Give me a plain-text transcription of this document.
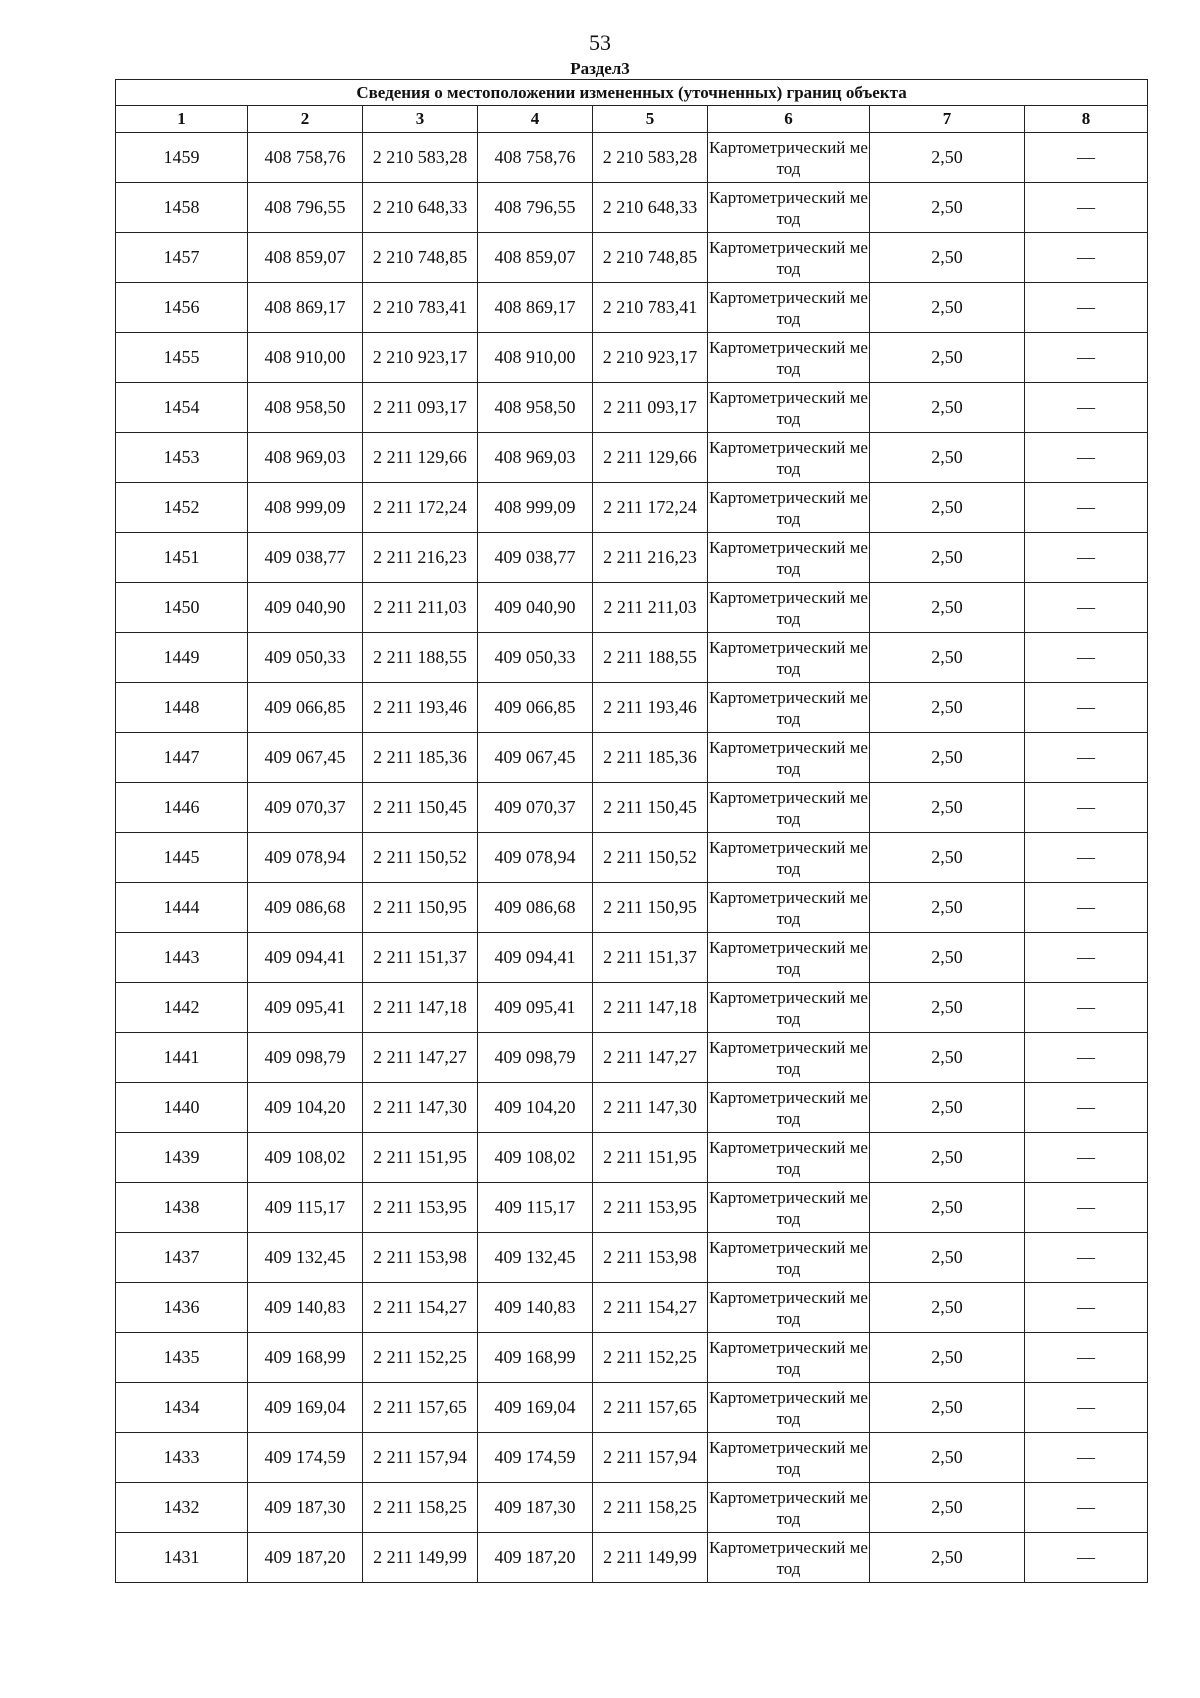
53
Раздел3
Сведения о местоположении измененных (уточненных) границ объекта							
1	2	3	4	5	6	7	8
1459	408 758,76	2 210 583,28	408 758,76	2 210 583,28	Картометрический метод	2,50	—
1458	408 796,55	2 210 648,33	408 796,55	2 210 648,33	Картометрический метод	2,50	—
1457	408 859,07	2 210 748,85	408 859,07	2 210 748,85	Картометрический метод	2,50	—
1456	408 869,17	2 210 783,41	408 869,17	2 210 783,41	Картометрический метод	2,50	—
1455	408 910,00	2 210 923,17	408 910,00	2 210 923,17	Картометрический метод	2,50	—
1454	408 958,50	2 211 093,17	408 958,50	2 211 093,17	Картометрический метод	2,50	—
1453	408 969,03	2 211 129,66	408 969,03	2 211 129,66	Картометрический метод	2,50	—
1452	408 999,09	2 211 172,24	408 999,09	2 211 172,24	Картометрический метод	2,50	—
1451	409 038,77	2 211 216,23	409 038,77	2 211 216,23	Картометрический метод	2,50	—
1450	409 040,90	2 211 211,03	409 040,90	2 211 211,03	Картометрический метод	2,50	—
1449	409 050,33	2 211 188,55	409 050,33	2 211 188,55	Картометрический метод	2,50	—
1448	409 066,85	2 211 193,46	409 066,85	2 211 193,46	Картометрический метод	2,50	—
1447	409 067,45	2 211 185,36	409 067,45	2 211 185,36	Картометрический метод	2,50	—
1446	409 070,37	2 211 150,45	409 070,37	2 211 150,45	Картометрический метод	2,50	—
1445	409 078,94	2 211 150,52	409 078,94	2 211 150,52	Картометрический метод	2,50	—
1444	409 086,68	2 211 150,95	409 086,68	2 211 150,95	Картометрический метод	2,50	—
1443	409 094,41	2 211 151,37	409 094,41	2 211 151,37	Картометрический метод	2,50	—
1442	409 095,41	2 211 147,18	409 095,41	2 211 147,18	Картометрический метод	2,50	—
1441	409 098,79	2 211 147,27	409 098,79	2 211 147,27	Картометрический метод	2,50	—
1440	409 104,20	2 211 147,30	409 104,20	2 211 147,30	Картометрический метод	2,50	—
1439	409 108,02	2 211 151,95	409 108,02	2 211 151,95	Картометрический метод	2,50	—
1438	409 115,17	2 211 153,95	409 115,17	2 211 153,95	Картометрический метод	2,50	—
1437	409 132,45	2 211 153,98	409 132,45	2 211 153,98	Картометрический метод	2,50	—
1436	409 140,83	2 211 154,27	409 140,83	2 211 154,27	Картометрический метод	2,50	—
1435	409 168,99	2 211 152,25	409 168,99	2 211 152,25	Картометрический метод	2,50	—
1434	409 169,04	2 211 157,65	409 169,04	2 211 157,65	Картометрический метод	2,50	—
1433	409 174,59	2 211 157,94	409 174,59	2 211 157,94	Картометрический метод	2,50	—
1432	409 187,30	2 211 158,25	409 187,30	2 211 158,25	Картометрический метод	2,50	—
1431	409 187,20	2 211 149,99	409 187,20	2 211 149,99	Картометрический метод	2,50	—
